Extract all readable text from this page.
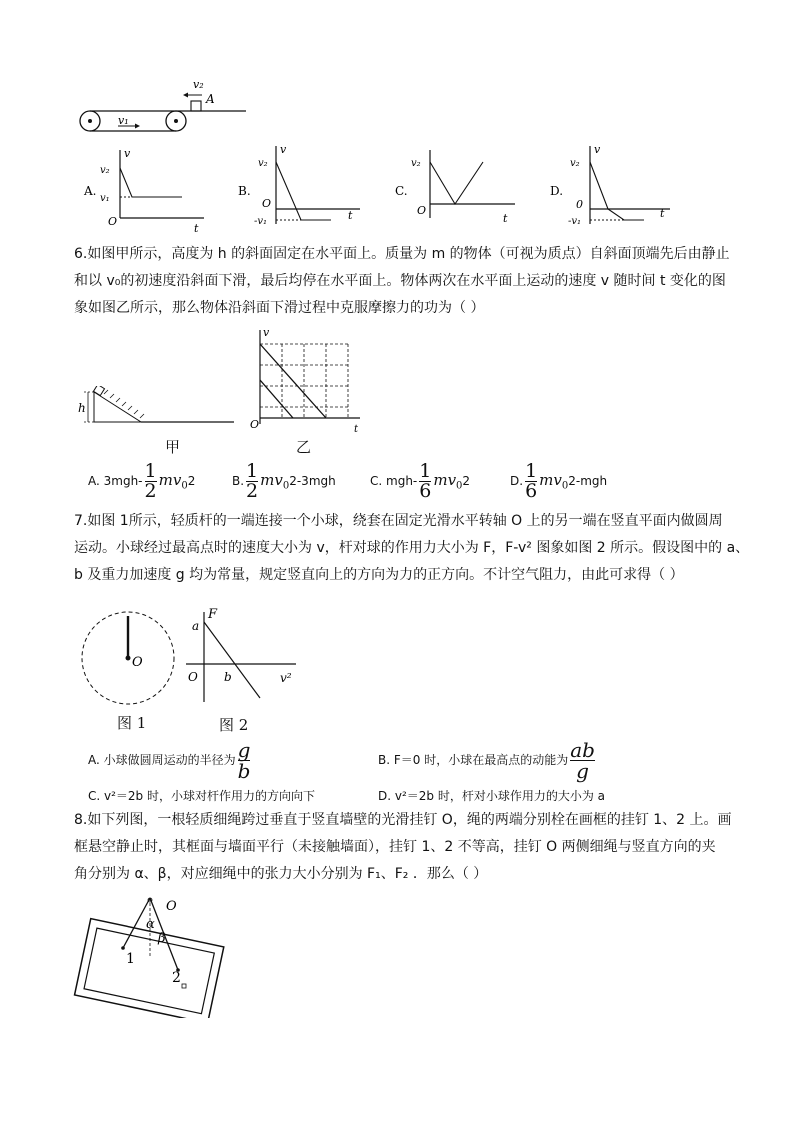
v₂
A
v₁
A.
v
v₂
v₁
O
t
B.
v
v₂
O
-v₁	t
C.
v₂
v
O
t
D.
v
v₂
0
-v₁
t
6.如图甲所示，高度为 h 的斜面固定在水平面上。质量为 m 的物体（可视为质点）自斜面顶端先后由静止
和以 v₀的初速度沿斜面下滑，最后均停在水平面上。物体两次在水平面上运动的速度 v 随时间 t 变化的图
象如图乙所示，那么物体沿斜面下滑过程中克服摩擦力的功为（ ）
h
甲
v
O	t
乙
A. $3mgh- \frac{1}{2} mv_02$	B. $\frac{1}{2} mv_02-3mgh$	C. $mgh- \frac{1}{6} mv_02$	D. $\frac{1}{6} mv_02-mgh$
7.如图 1所示，轻质杆的一端连接一个小球，绕套在固定光滑水平转轴 O 上的另一端在竖直平面内做圆周
运动。小球经过最高点时的速度大小为 v，杆对球的作用力大小为 F，F-v² 图象如图 2 所示。假设图中的 a、
b 及重力加速度 g 均为常量，规定竖直向上的方向为力的正方向。不计空气阻力，由此可求得（ ）
O
图 1
F
a
O b	v²
图 2
A. 小球做圆周运动的半径为 $\frac{g}{b}$	B. F＝0 时，小球在最高点的动能为 $\frac{ab}{g}$
C. v²＝2b 时，小球对杆作用力的方向向下	D. v²＝2b 时，杆对小球作用力的大小为 a
8.如下列图，一根轻质细绳跨过垂直于竖直墙壁的光滑挂钉 O，绳的两端分别栓在画框的挂钉 1、2 上。画
框悬空静止时，其框面与墙面平行（未接触墙面），挂钉 1、2 不等高，挂钉 O 两侧细绳与竖直方向的夹
角分别为 α、β，对应细绳中的张力大小分别为 F₁、F₂ ．那么（ ）
O
α
β
1
2
